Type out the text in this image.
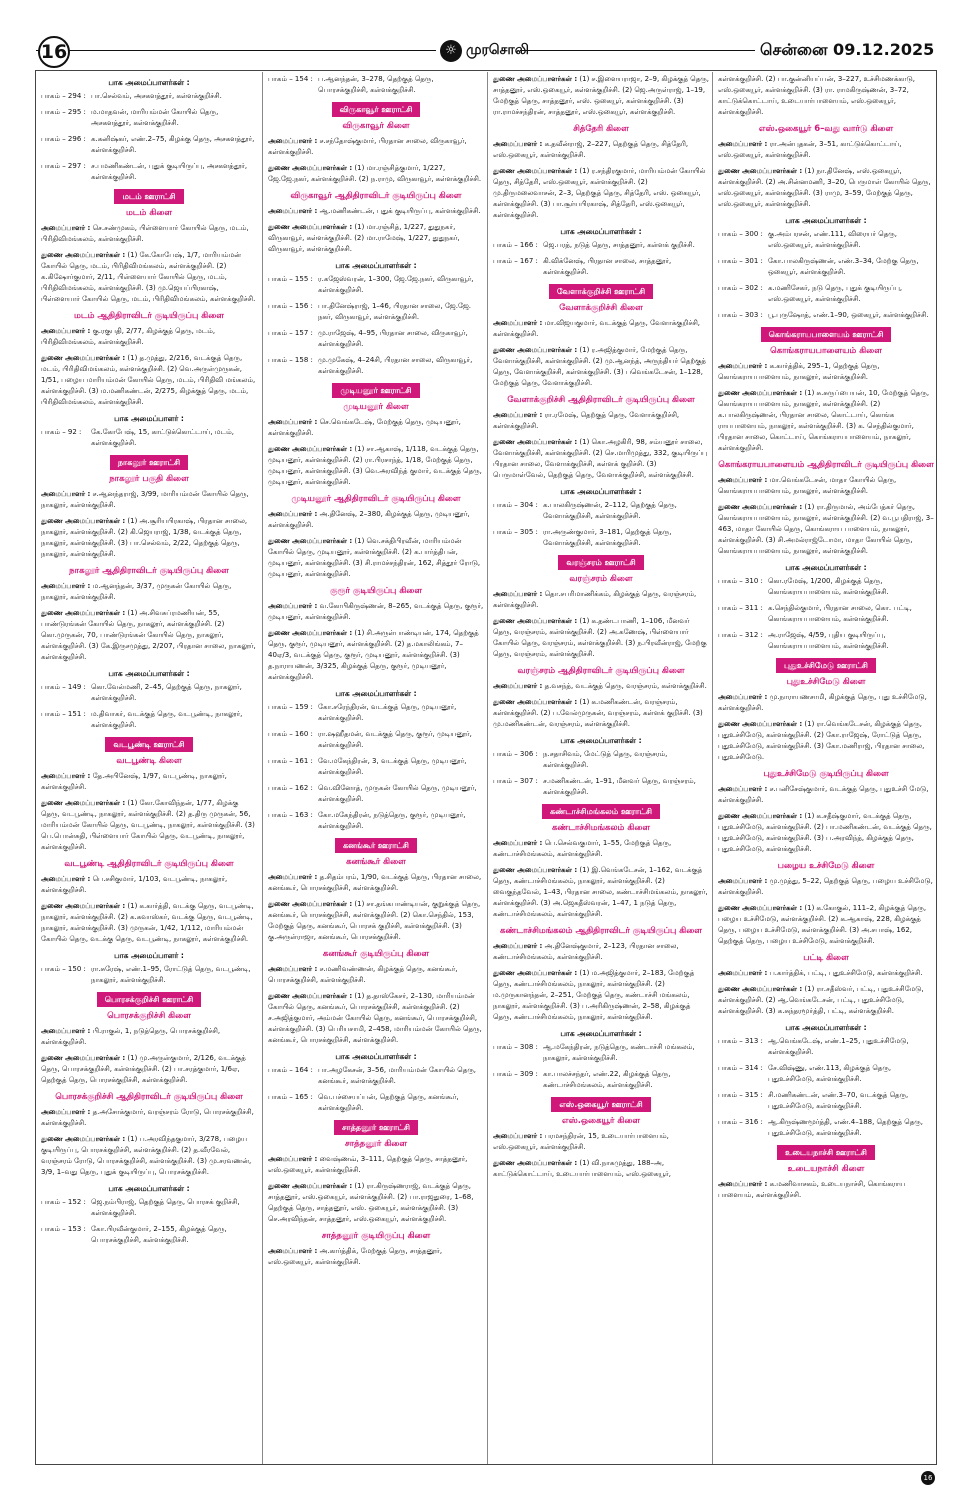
16	☼ முரசொலி	சென்னை 09.12.2025
பாக அமைப்பாளர்கள் :
பாகம் – 294 : பா.செல்வம், அசகளத்தூர், கள்ளக்குறிச்சி.
பாகம் – 295 : ம.மாதவன், மாரியம்மன் கோயில் தெரு, அசகளத்தூர், கள்ளக்குறிச்சி.
பாகம் – 296 : க.கனிஷ்கர், எண்.2–75, கிழக்கு தெரு, அசகளத்தூர், கள்ளக்குறிச்சி.
பாகம் – 297 : ச.பமணிகண்டன், புதுக் குடியிருப்பு, அசகளத்தூர், கள்ளக்குறிச்சி.
மடம் ஊராட்சி
மடம் கிளை
அமைப்பாளர் : செ.சண்முகம், பிள்ளையார் கோயில் தெரு, மடம், பிரிதிவிமங்கலம், கள்ளக்குறிச்சி.
துணை அமைப்பாளர்கள் : (1) கே.கோபேஷ், 1/7, மாரியம்மன் கோயில் தெரு, மடம், பிரிதிவிமங்கலம், கள்ளக்குறிச்சி. (2) க.கிஷோர்குமார், 2/11, பிள்ளையார் கோயில் தெரு, மடம், பிரிதிவிமங்கலம், கள்ளக்குறிச்சி. (3) மு.ஜெயப்பிரகாஷ், பிள்ளையார் கோயில் தெரு, மடம், பிரிதிவிமங்கலம், கள்ளக்குறிச்சி.
மடம் ஆதிதிராவிடர் குடியிருப்பு கிளை
அமைப்பாளர் : கு.ரகுபதி, 2/77, கிழக்குத் தெரு, மடம், பிரிதிவிமங்கலம், கள்ளக்குறிச்சி.
துணை அமைப்பாளர்கள் : (1) த.முத்து, 2/216, வடக்குத் தெரு, மடம், பிரிதிவிமங்கலம், கள்ளக்குறிச்சி. (2) வெ.அருள்முருகன், 1/51, பழைய மாரியம்மன் கோயில் தெரு, மடம், பிரிதிவி மங்கலம், கள்ளக்குறிச்சி. (3) ம.மணிகண்டன், 2/275, கிழக்குத் தெரு, மடம், பிரிதிவிமங்கலம், கள்ளக்குறிச்சி.
பாக அமைப்பாளர் :
பாகம் – 92 :	கே.கோபேஷ், 15, காட்டுக்கொட்டாய், மடம், கள்ளக்குறிச்சி.
நாகலூர் ஊராட்சி
நாகலூர் பகுதி கிளை
அமைப்பாளர் : ச.ஆனந்தராஜ், 3/99, மாரியம்மன் கோயில் தெரு, நாகலூர், கள்ளக்குறிச்சி.
துணை அமைப்பாளர்கள் : (1) அ.சூரியபிரகாஷ், பிரதான சாலை, நாகலூர், கள்ளக்குறிச்சி. (2) கி.ஜெயராஜ், 1/38, வடக்குத் தெரு, நாகலூர், கள்ளக்குறிச்சி. (3) பா.செல்வம், 2/22, தெற்குத் தெரு, நாகலூர், கள்ளக்குறிச்சி.
நாகலூர் ஆதிதிராவிடர் குடியிருப்பு கிளை
அமைப்பாளர் : ம.ஆனந்தன், 3/37, முருகன் கோயில் தெரு, நாகலூர், கள்ளக்குறிச்சி.
துணை அமைப்பாளர்கள் : (1) அ.சிவசுப்ரமணியன், 55, பாண்டுரங்கன் கோயில் தெரு, நாகலூர், கள்ளக்குறிச்சி. (2) கொ.முருகன், 70, பாண்டுரங்கன் கோயில் தெரு, நாகலூர், கள்ளக்குறிச்சி. (3) கே.இருசமுத்து, 2/207, பிரதான சாலை, நாகலூர், கள்ளக்குறிச்சி.
பாக அமைப்பாளர்கள் :
பாகம் – 149 : கொ.வேல்மணி, 2–45, தெற்குத் தெரு, நாகலூர், கள்ளக்குறிச்சி.
பாகம் – 151 : ம.திவாகர், வடக்குத் தெரு, வடபூண்டி, நாகலூர், கள்ளக்குறிச்சி.
வடபூண்டி ஊராட்சி
வடபூண்டி கிளை
அமைப்பாளர் : தே.அபினேஷ், 1/97, வடபூண்டி, நாகலூர், கள்ளக்குறிச்சி.
துணை அமைப்பாளர்கள் : (1) கோ.கோவிந்தன், 1/77, கிழக்கு தெரு, வடபூண்டி, நாகலூர், கள்ளக்குறிச்சி. (2) த.திரு முருகன், 56, மாரியம்மன் கோயில் தெரு, வடபூண்டி, நாகலூர், கள்ளக்குறிச்சி. (3) பெ.பொன்சுதி, பிள்ளையார் கோயில் தெரு, வடபூண்டி, நாகலூர், கள்ளக்குறிச்சி.
வடபூண்டி ஆதிதிராவிடர் குடியிருப்பு கிளை
அமைப்பாளர் : பெ.சசிகுமார், 1/103, வடபூண்டி, நாகலூர், கள்ளக்குறிச்சி.
துணை அமைப்பாளர்கள் : (1) க.கார்த்தி, வடக்கு தெரு, வடபூண்டி, நாகலூர், கள்ளக்குறிச்சி. (2) க.கவாஸ்கர், வடக்கு தெரு, வடபூண்டி, நாகலூர், கள்ளக்குறிச்சி. (3) முருகன், 1/42, 1/112, மாரியம்மன் கோயில் தெரு, வடக்கு தெரு, வடபூண்டி, நாகலூர், கள்ளக்குறிச்சி.
பாக அமைப்பாளர் :
பாகம் – 150 : ரா.சுரேஷ், எண்.1–95, ரோட்டுத் தெரு, வடபூண்டி, நாகலூர், கள்ளக்குறிச்சி.
பொரசக்குறிச்சி ஊராட்சி
பொரசக்குறிச்சி கிளை
அமைப்பாளர் : பி.ராகுல், 1, நடுத்தெரு, பொரசக்குறிச்சி, கள்ளக்குறிச்சி.
துணை அமைப்பாளர்கள் : (1) மு.அருள்குமார், 2/126, வடக்குத் தெரு, பொரசக்குறிச்சி, கள்ளக்குறிச்சி. (2) பா.சரத்குமார், 1/6ஏ, தெற்குத் தெரு, பொரசக்குறிச்சி, கள்ளக்குறிச்சி.
பொரசக்குறிச்சி ஆதிதிராவிடர் குடியிருப்பு கிளை
அமைப்பாளர் : த.அசோக்குமார், வரஞ்சரம் ரோடு, பொரசக்குறிச்சி, கள்ளக்குறிச்சி.
துணை அமைப்பாளர்கள் : (1) ப.அரவிந்தகுமார், 3/278, பழைய குடியிருப்பு, பொரசக்குறிச்சி, கள்ளக்குறிச்சி. (2) த.வீரவேல், வரஞ்சரம் ரோடு, பொரசக்குறிச்சி, கள்ளக்குறிச்சி. (3) மு.சரவணன், 3/9, 1–வது தெரு, புதுக் குடியிருப்பு, பொரசக்குறிச்சி.
பாக அமைப்பாளர்கள் :
பாகம் – 152 : ஜெ.நம்பிராஜ், தெற்குத் தெரு, பொரசக் குறிச்சி, கள்ளக்குறிச்சி.
பாகம் – 153 : கோ.பிரவீன்குமார், 2–155, கிழக்குத் தெரு, பொரசக்குறிச்சி, கள்ளக்குறிச்சி.
பாகம் – 154 : ப.ஆனந்தன், 3–278, தெற்குத் தெரு, பொரசக்குறிச்சி, கள்ளக்குறிச்சி.
விருகாவூர் ஊராட்சி
விருகாவூர் கிளை
அமைப்பாளர் : ச.சந்தோஷ்குமார், பிரதான சாலை, விருகாவூர், கள்ளக்குறிச்சி.
துணை அமைப்பாளர்கள் : (1) மா.ரஞ்சித்குமார், 1/227, ஜே.ஜே.நகர், கள்ளக்குறிச்சி. (2) ந.ராமு, விருகாவூர், கள்ளக்குறிச்சி.
விருகாவூர் ஆதிதிராவிடர் குடியிருப்பு கிளை
அமைப்பாளர் : ஆ.மணிகண்டன், புதுக் குடியிருப்பு, கள்ளக்குறிச்சி.
துணை அமைப்பாளர்கள் : (1) மா.ரஞ்சித், 1/227, துதுநகர், விருகாவூர், கள்ளக்குறிச்சி. (2) மா.ராமேஷ், 1/227, துதுநகர், விருகாவூர், கள்ளக்குறிச்சி.
பாக அமைப்பாளர்கள் :
பாகம் – 155 : ர.கஜேஸ்வரன், 1–300, ஜே.ஜே.நகர், விருகாவூர், கள்ளக்குறிச்சி.
பாகம் – 156 : பா.தினேஷ்ராஜ், 1–46, பிரதான சாலை, ஜே.ஜே. நகர், விருகாவூர், கள்ளக்குறிச்சி.
பாகம் – 157 : மு.ராஜேஷ், 4–95, பிரதான சாலை, விருகாவூர், கள்ளக்குறிச்சி.
பாகம் – 158 : மு.முகேஷ், 4–24சி, பிரதான சாலை, விருகாவூர், கள்ளக்குறிச்சி.
முடியனூர் ஊராட்சி
முடியனூர் கிளை
அமைப்பாளர் : செ.வெங்கடேஷ், மேற்குத் தெரு, முடியனூர், கள்ளக்குறிச்சி.
துணை அமைப்பாளர்கள் : (1) சா.ஆகாஷ், 1/118, வடக்குத் தெரு, முடியனூர், கள்ளக்குறிச்சி. (2) ரா.பிரசாந்த், 1/18, மேற்குத் தெரு, முடியனூர், கள்ளக்குறிச்சி. (3) வெ.அரவிந்த் குமார், வடக்குத் தெரு, முடியனூர், கள்ளக்குறிச்சி.
முடியனூர் ஆதிதிராவிடர் குடியிருப்பு கிளை
அமைப்பாளர் : அ.தினேஷ், 2–380, கிழக்குத் தெரு, முடியனூர், கள்ளக்குறிச்சி.
துணை அமைப்பாளர்கள் : (1) வெ.சக்திபிரவீன், மாரியம்மன் கோயில் தெரு, முடியனூர், கள்ளக்குறிச்சி. (2) க.பார்த்திபன், முடியனூர், கள்ளக்குறிச்சி. (3) சி.ராமச்சந்திரன், 162, சித்தூர் ரோடு, முடியனூர், கள்ளக்குறிச்சி.
குரூர் குடியிருப்பு கிளை
அமைப்பாளர் : வ.கோபிகிருஷ்ணன், 8–265, வடக்குத் தெரு, குரூர், முடியனூர், கள்ளக்குறிச்சி.
துணை அமைப்பாளர்கள் : (1) சி.அருள்பாண்டியன், 174, தெற்குத் தெரு, குரூர், முடியனூர், கள்ளக்குறிச்சி. (2) த.மகாலிங்கம், 7–40ஏ/3, வடக்குத் தெரு, குரூர், முடியனூர், கள்ளக்குறிச்சி. (3) த.நாராயணன், 3/325, கிழக்குத் தெரு, குரூர், முடியனூர், கள்ளக்குறிச்சி.
பாக அமைப்பாளர்கள் :
பாகம் – 159 : கோ.சரேந்திரன், வடக்குத் தெரு, முடியனூர், கள்ளக்குறிச்சி.
பாகம் – 160 : ரா.ஷஹீதமன், வடக்குத் தெரு, குரூர், முடியனூர், கள்ளக்குறிச்சி.
பாகம் – 161 : வே.மகேந்திரன், 3, வடக்குத் தெரு, முடியனூர், கள்ளக்குறிச்சி.
பாகம் – 162 : வெ.வினோத், முருகன் கோயில் தெரு, முடியனூர், கள்ளக்குறிச்சி.
பாகம் – 163 : கோ.மகேந்திரன், நடுத்தெரு, குரூர், முடியனூர், கள்ளக்குறிச்சி.
கனங்கூர் ஊராட்சி
கனங்கூர் கிளை
அமைப்பாளர் : த.சிதம்பரம், 1/90, வடக்குத் தெரு, பிரதான சாலை, கனங்கூர், பொரசக்குறிச்சி, கள்ளக்குறிச்சி.
துணை அமைப்பாளர்கள் : (1) சா.தங்கபாண்டியன், குறுக்குத் தெரு, கனங்கூர், பொரசக்குறிச்சி, கள்ளக்குறிச்சி. (2) கொ.செந்தில், 153, மேற்குத் தெரு, கனங்கூர், பொரசக் குறிச்சி, கள்ளக்குறிச்சி. (3) கு.அருள்ராஜா, கனங்கூர், பொரசக்குறிச்சி.
கனங்கூர் குடியிருப்பு கிளை
அமைப்பாளர் : ச.மணிவண்ணன், கிழக்குத் தெரு, கனங்கூர், பொரசக்குறிச்சி, கள்ளக்குறிச்சி.
துணை அமைப்பாளர்கள் : (1) த.தாஸ்கேசர், 2–130, மாரியம்மன் கோயில் தெரு, கனங்கூர், பொரசக்குறிச்சி, கள்ளக்குறிச்சி. (2) ச.அஜித்குமார், அம்மன் கோயில் தெரு, கனங்கூர், பொரசக்குறிச்சி, கள்ளக்குறிச்சி. (3) பெரியசாமி, 2–458, மாரியம்மன் கோயில் தெரு, கனங்கூர், பொரசக்குறிச்சி, கள்ளக்குறிச்சி.
பாக அமைப்பாளர்கள் :
பாகம் – 164 : பா.அழகேசன், 3–56, மாரியம்மன் கோயில் தெரு, கனங்கூர், கள்ளக்குறிச்சி.
பாகம் – 165 : வெ.பச்சையப்பன், தெற்குத் தெரு, கனங்கூர், கள்ளக்குறிச்சி.
சாத்தனூர் ஊராட்சி
சாத்தனூர் கிளை
அமைப்பாளர் : வைஷ்ணவ், 3–111, தெற்குத் தெரு, சாத்தனூர், எஸ்.ஒகையூர், கள்ளக்குறிச்சி.
துணை அமைப்பாளர்கள் : (1) ரா.கிருஷ்ணராஜ், வடக்குத் தெரு, சாத்தனூர், எஸ்.ஒகையூர், கள்ளக்குறிச்சி. (2) பா.ராஜதுரை, 1–68, தெற்குத் தெரு, சாத்தனூர், எஸ். ஒகையூர், கள்ளக்குறிச்சி. (3) செ.அரவிந்தன், சாத்தனூர், எஸ்.ஒகையூர், கள்ளக்குறிச்சி.
சாத்தனூர் குடியிருப்பு கிளை
அமைப்பாளர் : அ.கார்த்திக், மேற்குத் தெரு, சாத்தனூர், எஸ்.ஒகையூர், கள்ளக்குறிச்சி.
துணை அமைப்பாளர்கள் : (1) ச.இளையராஜா, 2–9, கிழக்குத் தெரு, சாத்தனூர், எஸ்.ஒகையூர், கள்ளக்குறிச்சி. (2) ஜெ.அருள்ராஜ், 1–19, மேற்குத் தெரு, சாத்தனூர், எஸ். ஒகையூர், கள்ளக்குறிச்சி. (3) ரா.ராமச்சந்திரன், சாத்தனூர், எஸ்.ஒகையூர், கள்ளக்குறிச்சி.
சித்தேரி கிளை
அமைப்பாளர் : க.தவீன்ராஜ், 2–227, தெற்குத் தெரு, சித்தேரி, எஸ்.ஒகையூர், கள்ளக்குறிச்சி.
துணை அமைப்பாளர்கள் : (1) ர.சந்திரகுமார், மாரியம்மன் கோயில் தெரு, சித்தேரி, எஸ்.ஒகையூர், கள்ளக்குறிச்சி. (2) மு.திருமலைவாசன், 2–3, தெற்குத் தெரு, சித்தேரி, எஸ். ஒகையூர், கள்ளக்குறிச்சி. (3) பா.சூர்யபிரகாஷ், சித்தேரி, எஸ்.ஒகையூர், கள்ளக்குறிச்சி.
பாக அமைப்பாளர்கள் :
பாகம் – 166 : ஜெ.பரத், நடுத் தெரு, சாத்தனூர், கள்ளக் குறிச்சி.
பாகம் – 167 : கி.விக்னேஷ், பிரதான சாலை, சாத்தனூர், கள்ளக்குறிச்சி.
வேளாக்குறிச்சி ஊராட்சி
வேளாக்குறிச்சி கிளை
அமைப்பாளர் : மா.விஜயகுமார், வடக்குத் தெரு, வேளாக்குறிச்சி, கள்ளக்குறிச்சி.
துணை அமைப்பாளர்கள் : (1) ர.அஜித்குமார், மேற்குத் தெரு, வேளாக்குறிச்சி, கள்ளக்குறிச்சி. (2) மு.ஆனந்த், அருந்தியர் தெற்குத் தெரு, வேளாக்குறிச்சி, கள்ளக்குறிச்சி. (3) பவெங்கடேசன், 1–128, மேற்குத் தெரு, வேளாக்குறிச்சி.
வேளாக்குறிச்சி ஆதிதிராவிடர் குடியிருப்பு கிளை
அமைப்பாளர் : ரா.ரமேஷ், தெற்குத் தெரு, வேளாக்குறிச்சி, கள்ளக்குறிச்சி.
துணை அமைப்பாளர்கள் : (1) கொ.அழகிரி, 98, சம்யனூர் சாலை, வேளாக்குறிச்சி, கள்ளக்குறிச்சி. (2) செ.மாரிமுத்து, 332, குடியிருப்பு பிரதான சாலை, வேளாக்குறிச்சி, கள்ளக் குறிச்சி. (3) பெருமாள்வேல், தெற்குத் தெரு, வேளாக்குறிச்சி, கள்ளக்குறிச்சி.
பாக அமைப்பாளர்கள் :
பாகம் – 304 : க.பாலகிருஷ்ணன், 2–112, தெற்குத் தெரு, வேளாக்குறிச்சி, கள்ளக்குறிச்சி.
பாகம் – 305 : ரா.அருண்குமார், 3–181, தெற்குத் தெரு, வேளாக்குறிச்சி, கள்ளக்குறிச்சி.
வரஞ்சரம் ஊராட்சி
வரஞ்சரம் கிளை
அமைப்பாளர் : தொ.சபரிமாணிக்கம், கிழக்குத் தெரு, வரஞ்சரம், கள்ளக்குறிச்சி.
துணை அமைப்பாளர்கள் : (1) க.தண்டபாணி, 1–106, மீனவர் தெரு, வரஞ்சரம், கள்ளக்குறிச்சி. (2) அ.கணேஷ், பிள்ளையார் கோயில் தெரு, வரஞ்சரம், கள்ளக்குறிச்சி. (3) ந.பிரவீன்ராஜ், மேற்கு தெரு, வரஞ்சரம், கள்ளக்குறிச்சி.
வரஞ்சரம் ஆதிதிராவிடர் குடியிருப்பு கிளை
அமைப்பாளர் : த.வசந்த், வடக்குத் தெரு, வரஞ்சரம், கள்ளக்குறிச்சி.
துணை அமைப்பாளர்கள் : (1) க.மணிகண்டன், வரஞ்சரம், கள்ளக்குறிச்சி. (2) ப.வேல்முருகன், வரஞ்சரம், கள்ளக் குறிச்சி. (3) மு.மணிகண்டன், வரஞ்சரம், கள்ளக்குறிச்சி.
பாக அமைப்பாளர்கள் :
பாகம் – 306 : ந.சதாசிவம், மேட்டுத் தெரு, வரஞ்சரம், கள்ளக்குறிச்சி.
பாகம் – 307 : ச.மணிகண்டன், 1–91, மீனவர் தெரு, வரஞ்சரம், கள்ளக்குறிச்சி.
கண்டாச்சிமங்கலம் ஊராட்சி
கண்டாச்சிமங்கலம் கிளை
அமைப்பாளர் : பெ.செல்வகுமார், 1–55, மேற்குத் தெரு, கண்டாச்சிமங்கலம், கள்ளக்குறிச்சி.
துணை அமைப்பாளர்கள் : (1) இ.வெங்கடேசன், 1–162, வடக்குத் தெரு, கண்டாச்சிமங்கலம், நாகலூர், கள்ளக்குறிச்சி. (2) வைகுந்தவேல், 1–43, பிரதான சாலை, கண்டாச்சிமங்கலம், நாகலூர், கள்ளக்குறிச்சி. (3) அ.ஜெகதீஸ்வரன், 1–47, 1 நடுத் தெரு, கண்டாச்சிமங்கலம், கள்ளக்குறிச்சி.
கண்டாச்சிமங்கலம் ஆதிதிராவிடர் குடியிருப்பு கிளை
அமைப்பாளர் : அ.தினேஷ்குமார், 2–123, பிரதான சாலை, கண்டாச்சிமங்கலம், கள்ளக்குறிச்சி.
துணை அமைப்பாளர்கள் : (1) ம.அஜித்குமார், 2–183, மேற்குத் தெரு, கண்டாச்சிமங்கலம், நாகலூர், கள்ளக்குறிச்சி. (2) ம.முருகானந்தன், 2–251, மேற்குத் தெரு, கண்டாச்சி மங்கலம், நாகலூர், கள்ளக்குறிச்சி. (3) ப.அரிகிருஷ்ணன், 2–58, கிழக்குத் தெரு, கண்டாச்சிமங்கலம், நாகலூர், கள்ளக்குறிச்சி.
பாக அமைப்பாளர்கள் :
பாகம் – 308 : ஆ.மகேந்திரன், நடுத்தெரு, கண்டாச்சி மங்கலம், நாகலூர், கள்ளக்குறிச்சி.
பாகம் – 309 : கா.பாலச்சந்தர், எண்.22, கிழக்குத் தெரு, கண்டாச்சிமங்கலம், கள்ளக்குறிச்சி.
எஸ்.ஒகையூர் ஊராட்சி
எஸ்.ஒகையூர் கிளை
அமைப்பாளர் : பரமசந்திரன், 15, உடையார்பாளையம், எஸ்.ஒகையூர், கள்ளக்குறிச்சி.
துணை அமைப்பாளர்கள் : (1) வி.நாகமுத்து, 188–அ, காட்டுக்கொட்டாய், உடையார்பாளையம், எஸ்.ஒகையூர்,
கள்ளக்குறிச்சி. (2) பா.குன்னியப்பன், 3–227, உச்சிமணக்காடு, எஸ்.ஒகையூர், கள்ளக்குறிச்சி. (3) ரா. ராமகிருஷ்ணன், 3–72, காட்டுக்கொட்டாய், உடையார்பாளையம், எஸ்.ஒகையூர், கள்ளக்குறிச்சி.
எஸ்.ஒகையூர் 6–வது வார்டு கிளை
அமைப்பாளர் : ரா.அன்புதகன், 3–51, காட்டுக்கொட்டாய், எஸ்.ஒகையூர், கள்ளக்குறிச்சி.
துணை அமைப்பாளர்கள் : (1) நா.தினேஷ், எஸ்.ஒகையூர், கள்ளக்குறிச்சி. (2) அ.சின்னமணி, 3–20, பெருமாள் கோயில் தெரு, எஸ்.ஒகையூர், கள்ளக்குறிச்சி. (3) ராமு, 3–59, மேற்குத் தெரு, எஸ்.ஒகையூர், கள்ளக்குறிச்சி.
பாக அமைப்பாளர்கள் :
பாகம் – 300 : கு.அம்பரசன், எண்.111, விரையர் தெரு, எஸ்.ஒகையூர், கள்ளக்குறிச்சி.
பாகம் – 301 : கோ.பாலகிருஷ்ணன், எண்.3–34, மேற்கு தெரு, ஒகையூர், கள்ளக்குறிச்சி.
பாகம் – 302 : க.மணிசேகர், நடு தெரு, புதுக் குடியிருப்பு, எஸ்.ஒகையூர், கள்ளக்குறிச்சி.
பாகம் – 303 : பூ.புருஷோத், எண்.1–90, ஒகையூர், கள்ளக்குறிச்சி.
கொங்கராயபாளையம் ஊராட்சி
கொங்கராயபாளையம் கிளை
அமைப்பாளர் : க.கார்த்திக், 295–1, தெற்குத் தெரு, கொங்கராயபாளையம், நாகலூர், கள்ளக்குறிச்சி.
துணை அமைப்பாளர்கள் : (1) சு.சுருப்பையன், 10, மேற்குத் தெரு, கொங்கராயபாளையம், நாகலூர், கள்ளக்குறிச்சி. (2) க.பாலகிருஷ்ணன், பிரதான சாலை, கொட்டாய், கொங்க ராயபாளையம், நாகலூர், கள்ளக்குறிச்சி. (3) க. செந்தில்குமார், பிரதான சாலை, கொட்டாய், கொங்கராயபாளையம், நாகலூர், கள்ளக்குறிச்சி.
கொங்கராயபாளையம் ஆதிதிராவிடர் குடியிருப்பு கிளை
அமைப்பாளர் : மா.வெங்கடேசன், மாதா கோயில் தெரு, கொங்கராயபாளையம், நாகலூர், கள்ளக்குறிச்சி.
துணை அமைப்பாளர்கள் : (1) ரா.திருமால், அம்பேத்கர் தெரு, கொங்கராயபாளையம், நாகலூர், கள்ளக்குறிச்சி. (2) வ.பூபதிராஜ், 3–463, மாதா கோயில் தெரு, கொங்கராய பாளையம், நாகலூர், கள்ளக்குறிச்சி. (3) சி.அமல்ராஜ்டோமா, மாதா கோயில் தெரு, கொங்கராயபாளையம், நாகலூர், கள்ளக்குறிச்சி.
பாக அமைப்பாளர்கள் :
பாகம் – 310 : கொ.ரமேஷ், 1/200, கிழக்குத் தெரு, கொங்கராயபாளையம், கள்ளக்குறிச்சி.
பாகம் – 311 : க.செந்தில்குமார், பிரதான சாலை, கொ. பட்டி, கொங்கராயபாளையம், கள்ளக்குறிச்சி.
பாகம் – 312 : அ.ராஜேஷ், 4/59, புதிய குடியிருப்பு, கொங்கராயபாளையம், கள்ளக்குறிச்சி.
புதுஉச்சிமேடு ஊராட்சி
புதுஉச்சிமேடு கிளை
அமைப்பாளர் : மு.நாராயணசாமி, கிழக்குத் தெரு, புது உச்சிமேடு, கள்ளக்குறிச்சி.
துணை அமைப்பாளர்கள் : (1) ரா.வெங்கடேசன், கிழக்குத் தெரு, புதுஉச்சிமேடு, கள்ளக்குறிச்சி. (2) கோ.ராஜேஷ், ரோட்டுத் தெரு, புதுஉச்சிமேடு, கள்ளக்குறிச்சி. (3) கோ.மணிராஜ், பிரதான சாலை, புதுஉச்சிமேடு.
புதுஉச்சிமேடு குடியிருப்பு கிளை
அமைப்பாளர் : ச.பனிசேஷ்குமார், வடக்குத் தெரு, புதுஉச்சி மேடு, கள்ளக்குறிச்சி.
துணை அமைப்பாளர்கள் : (1) க.சதீஷ்குமார், வடக்குத் தெரு, புதுஉச்சிமேடு, கள்ளக்குறிச்சி. (2) பா.மணிகண்டன், வடக்குத் தெரு, புதுஉச்சிமேடு, கள்ளக்குறிச்சி. (3) ப.அரவிந்த், கிழக்குத் தெரு, புதுஉச்சிமேடு, கள்ளக்குறிச்சி.
பழைய உச்சிமேடு கிளை
அமைப்பாளர் : மு.முத்து, 5–22, தெற்குத் தெரு, பழைய உச்சிமேடு, கள்ளக்குறிச்சி.
துணை அமைப்பாளர்கள் : (1) க.கோகுல், 111–2, கிழக்குத் தெரு, பழைய உச்சிமேடு, கள்ளக்குறிச்சி. (2) க.ஆகாஷ், 228, கிழக்குத் தெரு, பழைய உச்சிமேடு, கள்ளக்குறிச்சி. (3) அ.சபாஷ், 162, தெற்குத் தெரு, பழைய உச்சிமேடு, கள்ளக்குறிச்சி.
பட்டி கிளை
அமைப்பாளர் : ப.கார்த்திக், பட்டி, புதுஉச்சிமேடு, கள்ளக்குறிச்சி.
துணை அமைப்பாளர்கள் : (1) ரா.சதீஸ்வர், பட்டி, புதுஉச்சிமேடு, கள்ளக்குறிச்சி. (2) ஆ.வெங்கடேசன், பட்டி, புதுஉச்சிமேடு, கள்ளக்குறிச்சி. (3) க.சுந்தரமூர்த்தி, பட்டி, கள்ளக்குறிச்சி.
பாக அமைப்பாளர்கள் :
பாகம் – 313 : ஆ.வெங்கடேஷ், எண்.1–25, புதுஉச்சிமேடு, கள்ளக்குறிச்சி.
பாகம் – 314 : சே.விஷ்ணு, எண்.113, கிழக்குத் தெரு, புதுஉச்சிமேடு, கள்ளக்குறிச்சி.
பாகம் – 315 : சி.மணிகண்டன், எண்.3–70, வடக்குத் தெரு, புதுஉச்சிமேடு, கள்ளக்குறிச்சி.
பாகம் – 316 : ஆ.கிருஷ்ணமூர்த்தி, எண்.4–188, தெற்குத் தெரு, புதுஉச்சிமேடு, கள்ளக்குறிச்சி.
உடையநாச்சி ஊராட்சி
உடையநாச்சி கிளை
அமைப்பாளர் : க.மணிவாசகம், உடையநாச்சி, கொங்கராய பாளையம், கள்ளக்குறிச்சி.
16
